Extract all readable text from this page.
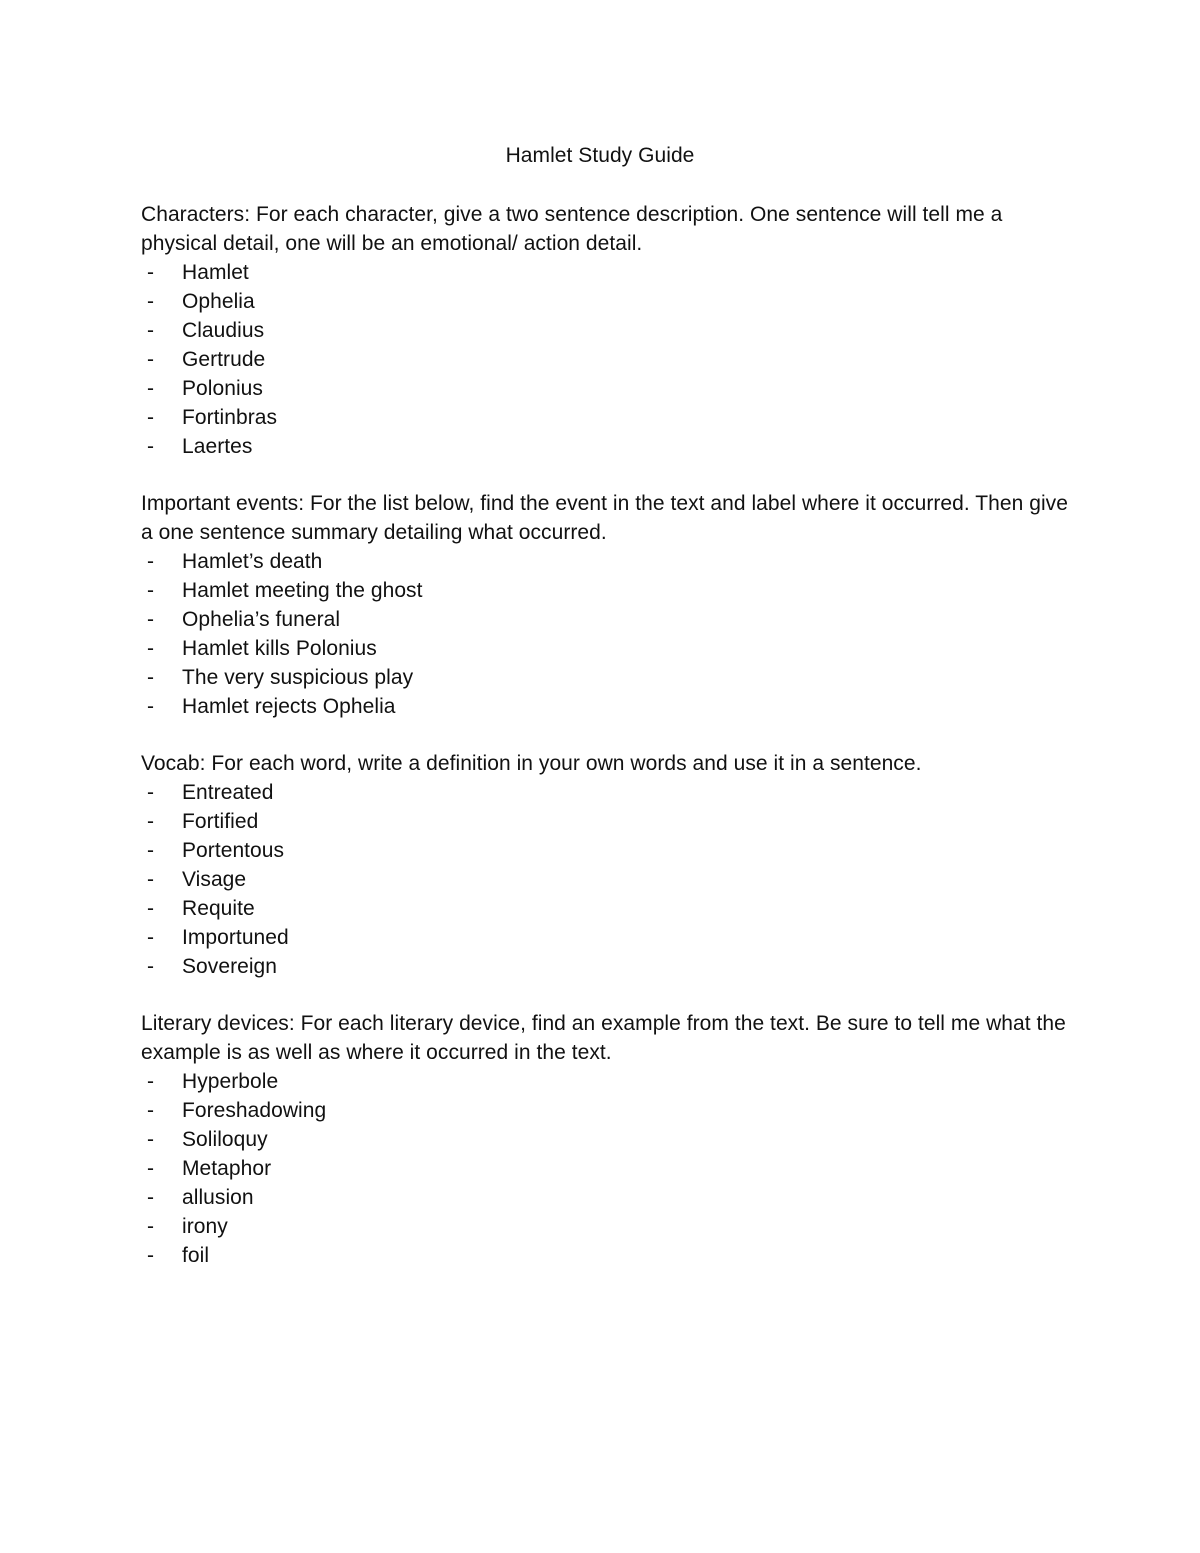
Hamlet Study Guide

Characters: For each character, give a two sentence description. One sentence will tell me a physical detail, one will be an emotional/ action detail.

- Hamlet
- Ophelia
- Claudius
- Gertrude
- Polonius
- Fortinbras
- Laertes

Important events: For the list below, find the event in the text and label where it occurred. Then give a one sentence summary detailing what occurred.

- Hamlet’s death
- Hamlet meeting the ghost
- Ophelia’s funeral
- Hamlet kills Polonius
- The very suspicious play
- Hamlet rejects Ophelia

Vocab: For each word, write a definition in your own words and use it in a sentence.

- Entreated
- Fortified
- Portentous
- Visage
- Requite
- Importuned
- Sovereign

Literary devices: For each literary device, find an example from the text. Be sure to tell me what the example is as well as where it occurred in the text.

- Hyperbole
- Foreshadowing
- Soliloquy
- Metaphor
- allusion
- irony
- foil
